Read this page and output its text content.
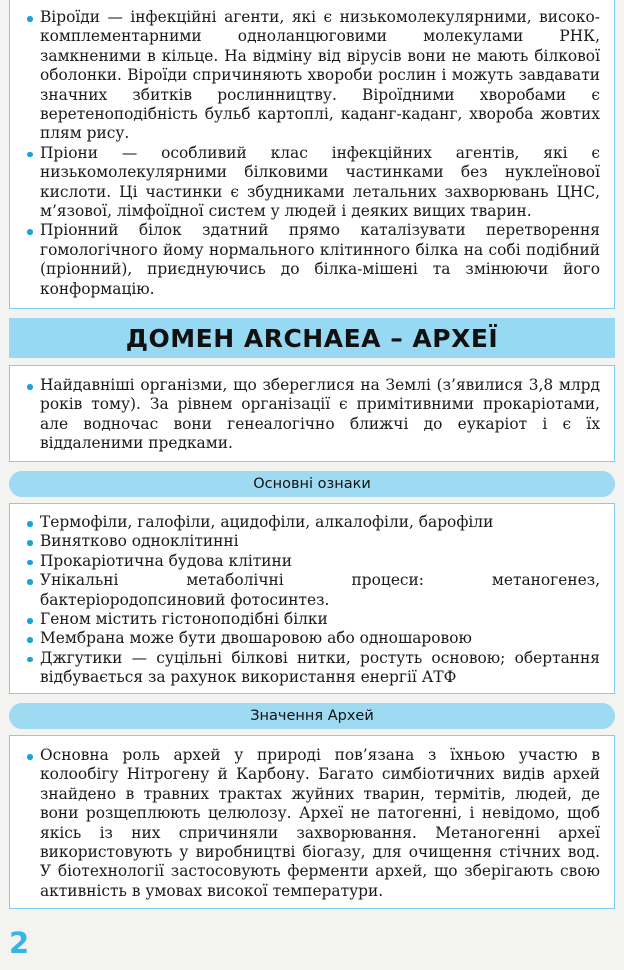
Віроїди — інфекційні агенти, які є низькомолекулярними, висококомплементарними одноланцюговими молекулами РНК, замкненими в кільце. На відміну від вірусів вони не мають білкової оболонки. Віроїди спричиняють хвороби рослин і можуть завдавати значних збитків рослинництву. Віроїдними хворобами є веретеноподібність бульб картоплі, каданг-каданг, хвороба жовтих плям рису.
Пріони — особливий клас інфекційних агентів, які є низькомолекулярними білковими частинками без нуклеїнової кислоти. Ці частинки є збудниками летальних захворювань ЦНС, м’язової, лімфоїдної систем у людей і деяких вищих тварин.
Пріонний білок здатний прямо каталізувати перетворення гомологічного йому нормального клітинного білка на собі подібний (пріонний), приєднуючись до білка-мішені та змінюючи його конформацію.
ДОМЕН ARCHAEA – АРХЕЇ
Найдавніші організми, що збереглися на Землі (з’явилися 3,8 млрд років тому). За рівнем організації є примітивними прокаріотами, але водночас вони генеалогічно ближчі до еукаріот і є їх віддаленими предками.
Основні ознаки
Термофіли, галофіли, ацидофіли, алкалофіли, барофіли
Винятково одноклітинні
Прокаріотична будова клітини
Унікальні метаболічні процеси: метаногенез, бактеріородопсиновий фотосинтез.
Геном містить гістоноподібні білки
Мембрана може бути двошаровою або одношаровою
Джгутики — суцільні білкові нитки, ростуть основою; обертання відбувається за рахунок використання енергії АТФ
Значення Архей
Основна роль архей у природі пов’язана з їхньою участю в колообігу Нітрогену й Карбону. Багато симбіотичних видів архей знайдено в травних трактах жуйних тварин, термітів, людей, де вони розщеплюють целюлозу. Археї не патогенні, і невідомо, щоб якісь із них спричиняли захворювання. Метаногенні археї використовують у виробництві біогазу, для очищення стічних вод. У біотехнології застосовують ферменти архей, що зберігають свою активність в умовах високої температури.
2
